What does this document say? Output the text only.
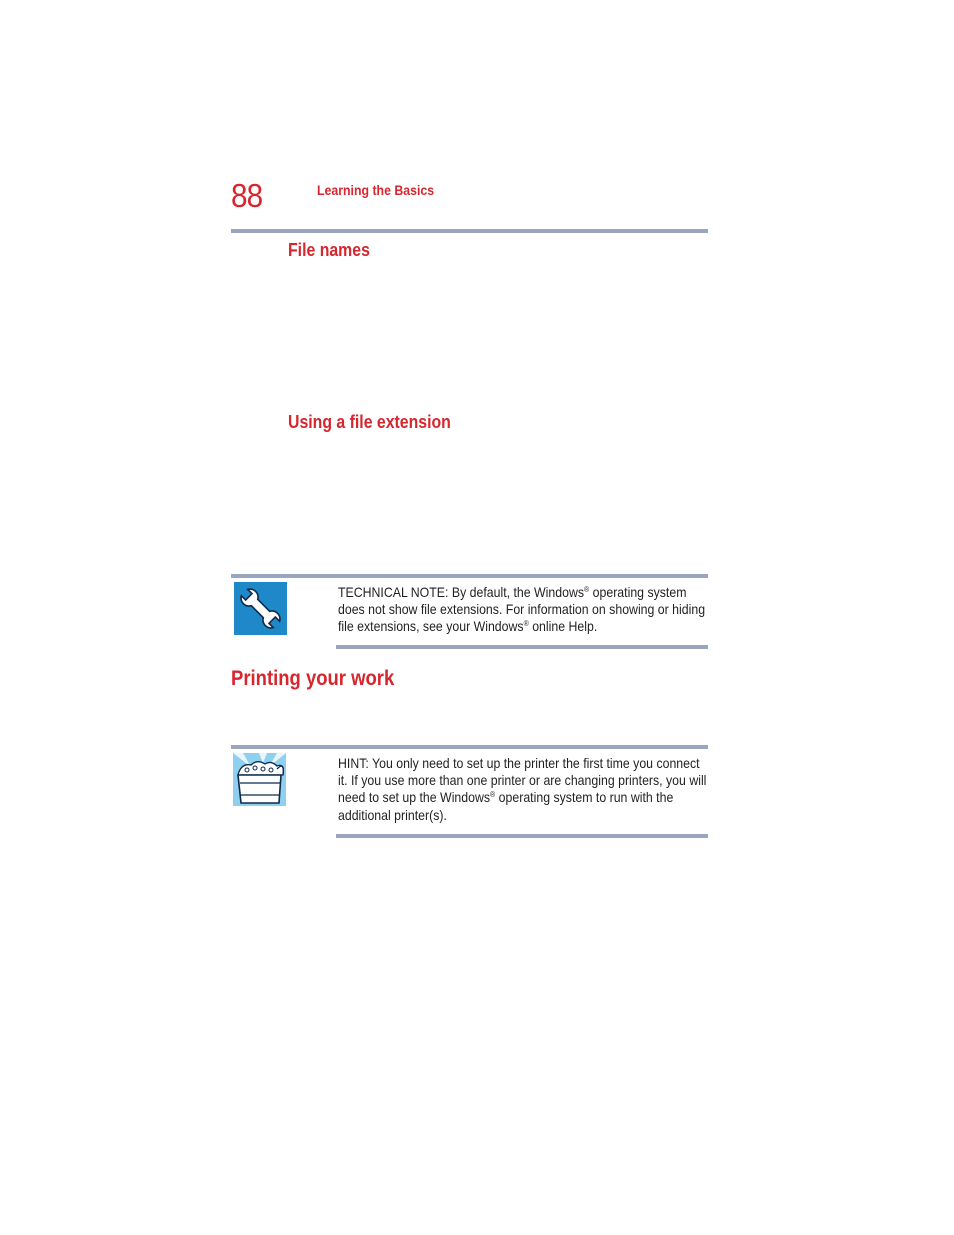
88	Learning the Basics
File names
Using a file extension
TECHNICAL NOTE: By default, the Windows® operating system does not show file extensions. For information on showing or hiding file extensions, see your Windows® online Help.
Printing your work
HINT: You only need to set up the printer the first time you connect it. If you use more than one printer or are changing printers, you will need to set up the Windows® operating system to run with the additional printer(s).
